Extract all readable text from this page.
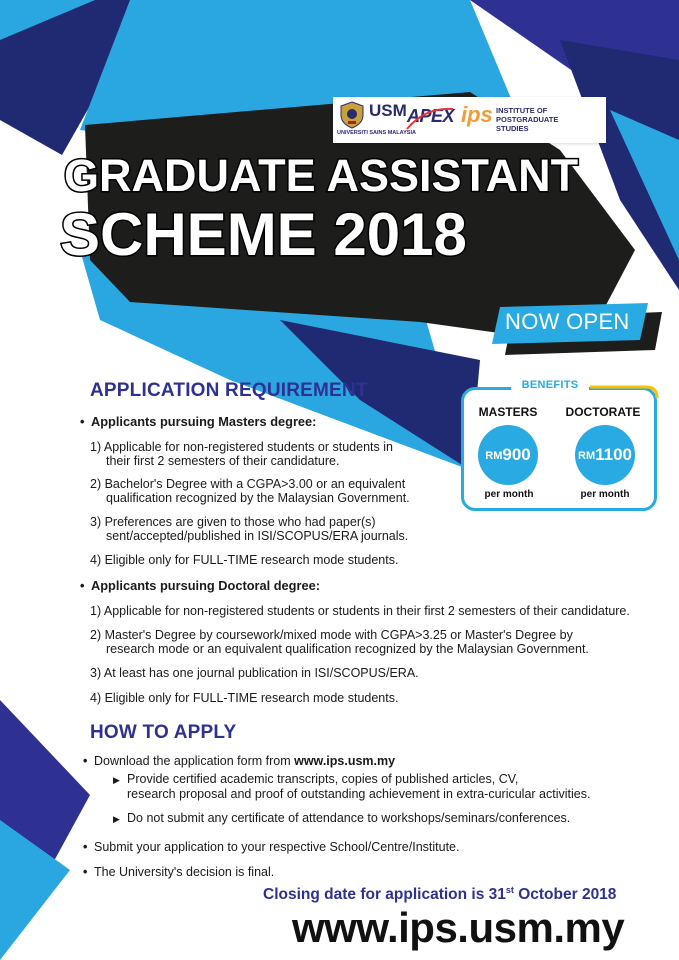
USM
UNIVERSITI SAINS MALAYSIA
APEX ips INSTITUTE OF POSTGRADUATE STUDIES
GRADUATE ASSISTANT
SCHEME 2018
NOW OPEN
APPLICATION REQUIREMENT
• Applicants pursuing Masters degree:
1) Applicable for non-registered students or students in
their first 2 semesters of their candidature.
2) Bachelor's Degree with a CGPA>3.00 or an equivalent
qualification recognized by the Malaysian Government.
3) Preferences are given to those who had paper(s)
sent/accepted/published in ISI/SCOPUS/ERA journals.
4) Eligible only for FULL-TIME research mode students.
• Applicants pursuing Doctoral degree:
1) Applicable for non-registered students or students in their first 2 semesters of their candidature.
2) Master's Degree by coursework/mixed mode with CGPA>3.25 or Master's Degree by
research mode or an equivalent qualification recognized by the Malaysian Government.
3) At least has one journal publication in ISI/SCOPUS/ERA.
4) Eligible only for FULL-TIME research mode students.
BENEFITS
MASTERS	DOCTORATE
RM 900	RM 1100
per month	per month
HOW TO APPLY
• Download the application form from www.ips.usm.my
▶ Provide certified academic transcripts, copies of published articles, CV,
research proposal and proof of outstanding achievement in extra-curicular activities.
▶ Do not submit any certificate of attendance to workshops/seminars/conferences.
• Submit your application to your respective School/Centre/Institute.
• The University's decision is final.
Closing date for application is 31st October 2018
www.ips.usm.my
